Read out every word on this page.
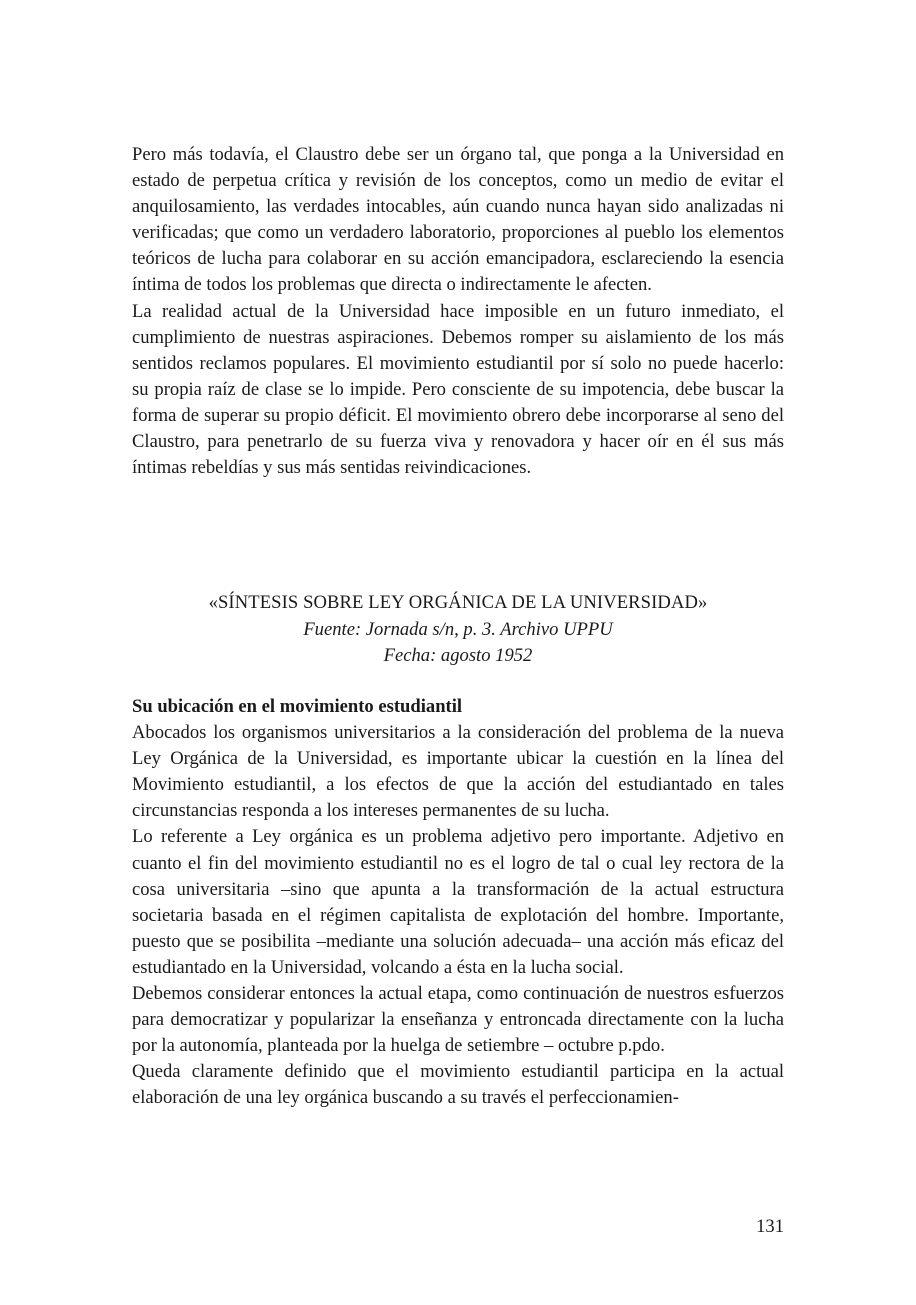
Pero más todavía, el Claustro debe ser un órgano tal, que ponga a la Universidad en estado de perpetua crítica y revisión de los conceptos, como un medio de evitar el anquilosamiento, las verdades intocables, aún cuando nunca hayan sido analizadas ni verificadas; que como un verdadero laboratorio, proporciones al pueblo los elementos teóricos de lucha para colaborar en su acción emancipadora, esclareciendo la esencia íntima de todos los problemas que directa o indirectamente le afecten.

La realidad actual de la Universidad hace imposible en un futuro inmediato, el cumplimiento de nuestras aspiraciones. Debemos romper su aislamiento de los más sentidos reclamos populares. El movimiento estudiantil por sí solo no puede hacerlo: su propia raíz de clase se lo impide. Pero consciente de su impotencia, debe buscar la forma de superar su propio déficit. El movimiento obrero debe incorporarse al seno del Claustro, para penetrarlo de su fuerza viva y renovadora y hacer oír en él sus más íntimas rebeldías y sus más sentidas reivindicaciones.

«SÍNTESIS SOBRE LEY ORGÁNICA DE LA UNIVERSIDAD»
Fuente: Jornada s/n, p. 3. Archivo UPPU
Fecha: agosto 1952

Su ubicación en el movimiento estudiantil

Abocados los organismos universitarios a la consideración del problema de la nueva Ley Orgánica de la Universidad, es importante ubicar la cuestión en la línea del Movimiento estudiantil, a los efectos de que la acción del estudiantado en tales circunstancias responda a los intereses permanentes de su lucha.

Lo referente a Ley orgánica es un problema adjetivo pero importante. Adjetivo en cuanto el fin del movimiento estudiantil no es el logro de tal o cual ley rectora de la cosa universitaria –sino que apunta a la transformación de la actual estructura societaria basada en el régimen capitalista de explotación del hombre. Importante, puesto que se posibilita –mediante una solución adecuada– una acción más eficaz del estudiantado en la Universidad, volcando a ésta en la lucha social.

Debemos considerar entonces la actual etapa, como continuación de nuestros esfuerzos para democratizar y popularizar la enseñanza y entroncada directamente con la lucha por la autonomía, planteada por la huelga de setiembre – octubre p.pdo.

Queda claramente definido que el movimiento estudiantil participa en la actual elaboración de una ley orgánica buscando a su través el perfeccionamien-

131
